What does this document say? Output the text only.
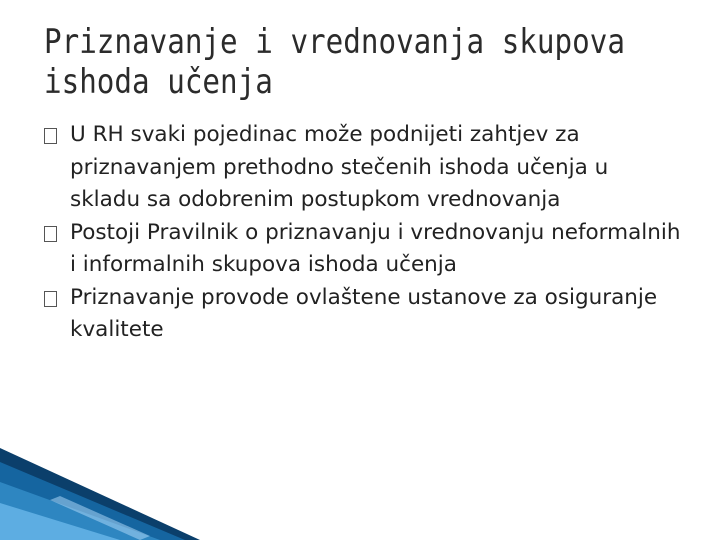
Priznavanje i vrednovanja skupova
ishoda učenja
U RH svaki pojedinac može podnijeti zahtjev za priznavanjem prethodno stečenih ishoda učenja u skladu sa odobrenim postupkom vrednovanja
Postoji Pravilnik o priznavanju i vrednovanju neformalnih i informalnih skupova ishoda učenja
Priznavanje provode ovlaštene ustanove za osiguranje kvalitete
